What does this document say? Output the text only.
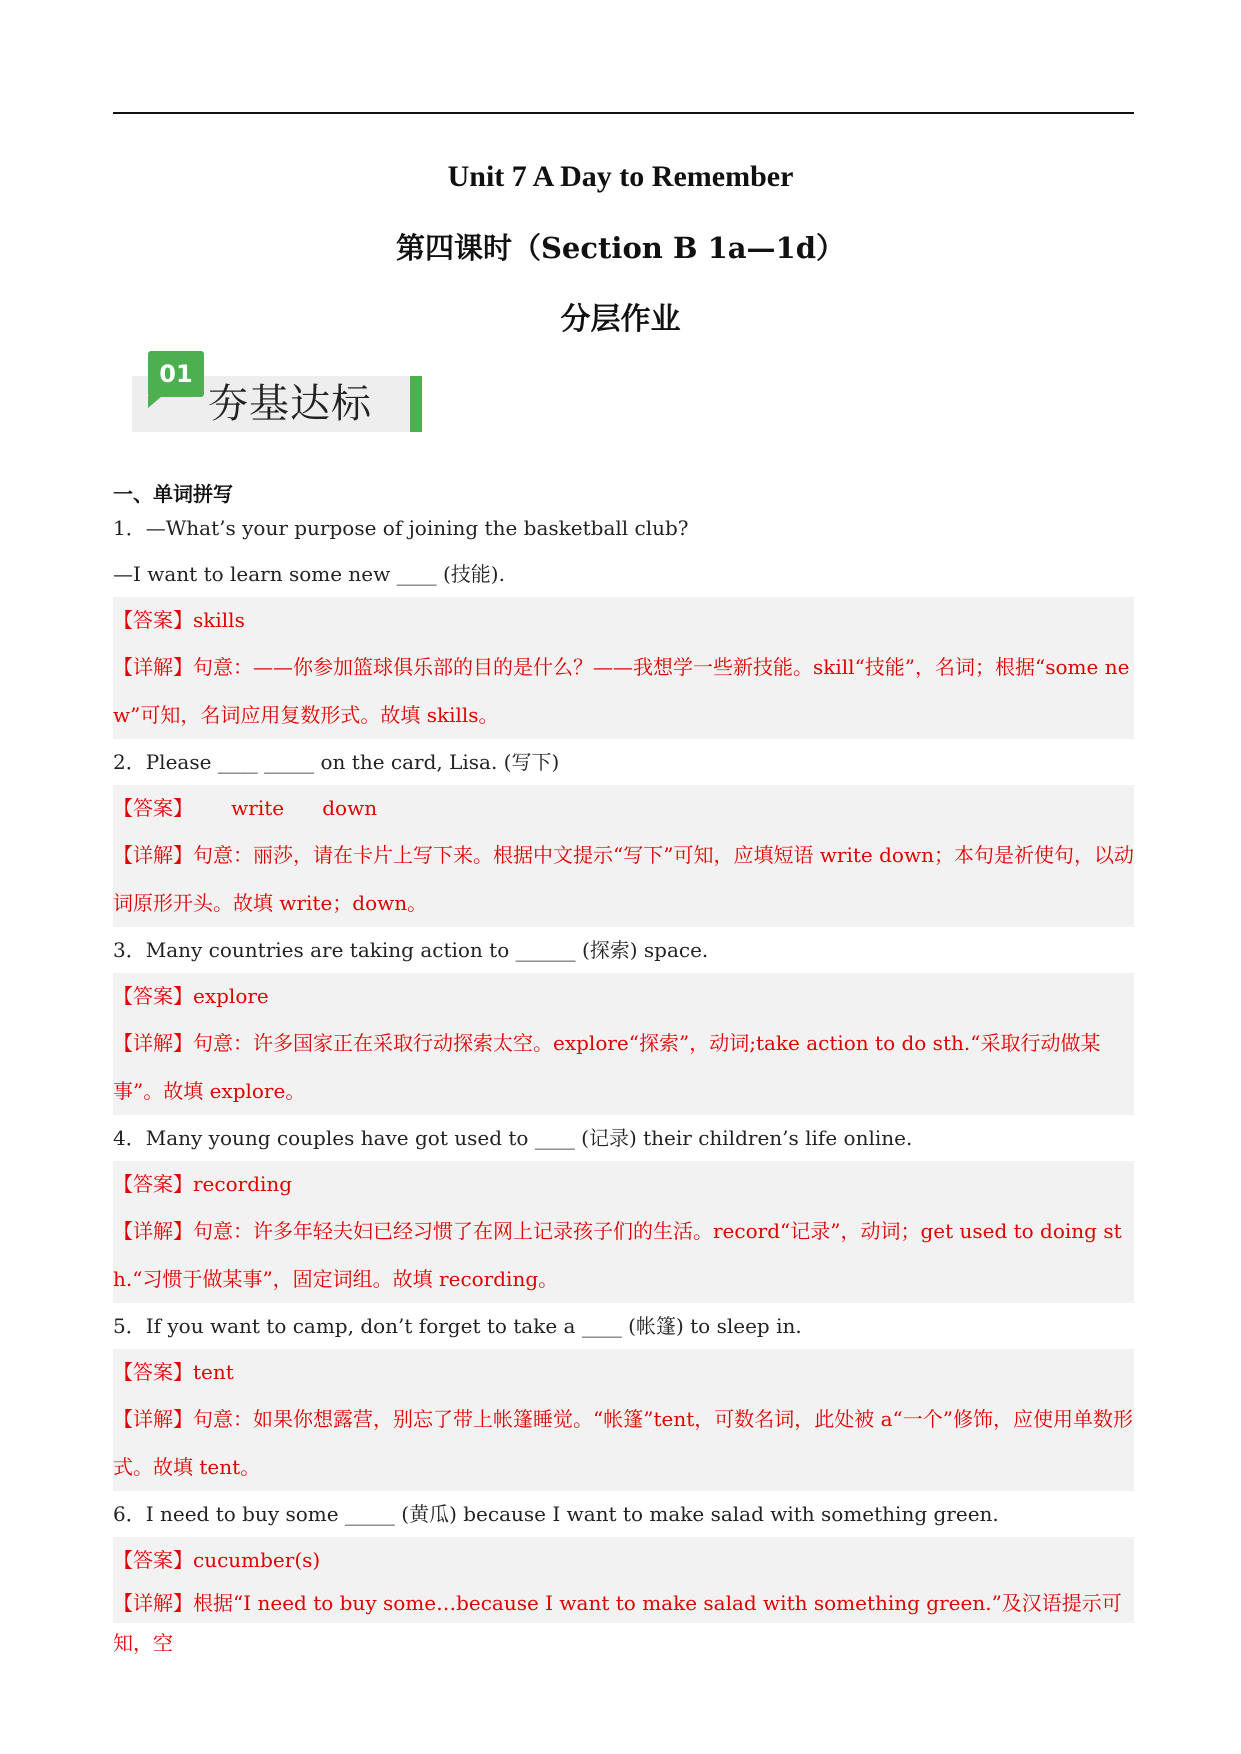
Unit 7 A Day to Remember
第四课时（Section B 1a—1d）
分层作业
01
夯基达标
一、单词拼写
1．—What’s your purpose of joining the basketball club?
—I want to learn some new ____ (技能).
【答案】skills
【详解】句意：——你参加篮球俱乐部的目的是什么？——我想学一些新技能。skill“技能”，名词；根据“some new”可知，名词应用复数形式。故填 skills。
2．Please ____ _____ on the card, Lisa. (写下)
【答案】      write      down
【详解】句意：丽莎，请在卡片上写下来。根据中文提示“写下”可知，应填短语 write down；本句是祈使句，以动词原形开头。故填 write；down。
3．Many countries are taking action to ______ (探索) space.
【答案】explore
【详解】句意：许多国家正在采取行动探索太空。explore“探索”，动词;take action to do sth.“采取行动做某事”。故填 explore。
4．Many young couples have got used to ____ (记录) their children’s life online.
【答案】recording
【详解】句意：许多年轻夫妇已经习惯了在网上记录孩子们的生活。record“记录”，动词；get used to doing sth.“习惯于做某事”，固定词组。故填 recording。
5．If you want to camp, don’t forget to take a ____ (帐篷) to sleep in.
【答案】tent
【详解】句意：如果你想露营，别忘了带上帐篷睡觉。“帐篷”tent，可数名词，此处被 a“一个”修饰，应使用单数形式。故填 tent。
6．I need to buy some _____ (黄瓜) because I want to make salad with something green.
【答案】cucumber(s)
【详解】根据“I need to buy some…because I want to make salad with something green.”及汉语提示可知，空
